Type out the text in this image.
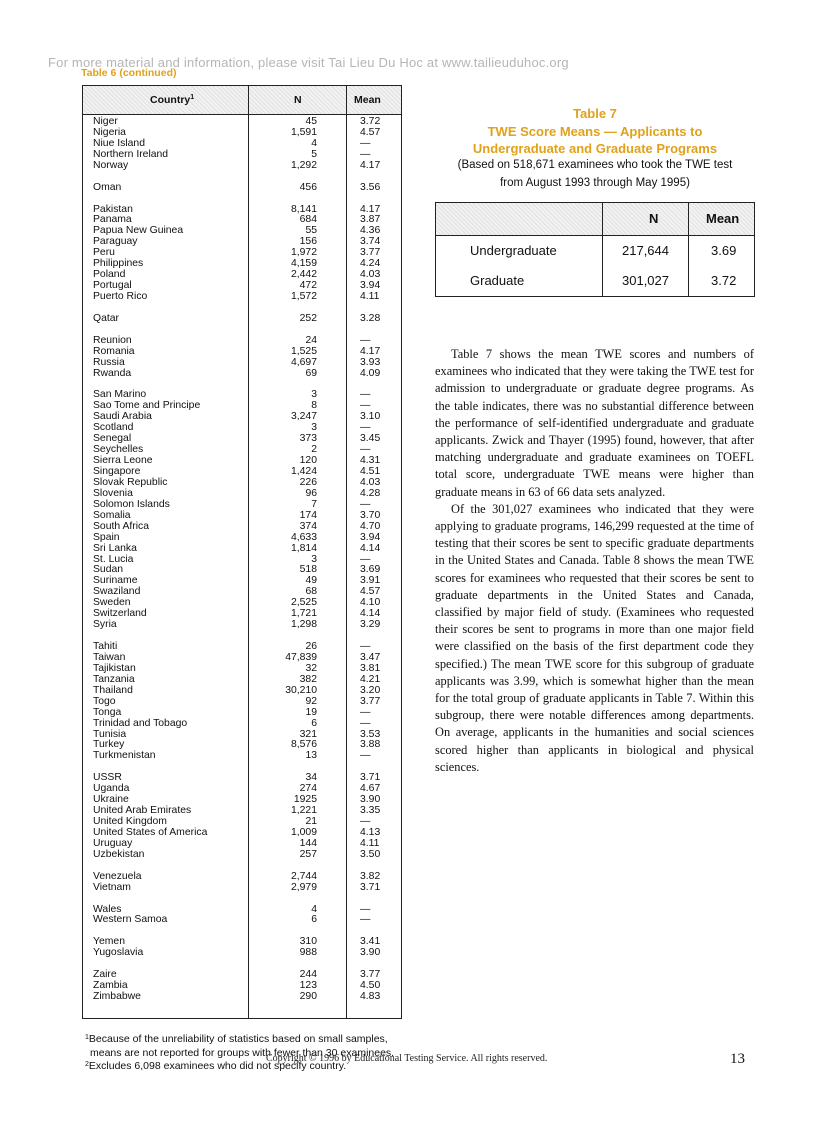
For more material and information, please visit Tai Lieu Du Hoc at www.tailieuduhoc.org
Table 6 (continued)
Country$^1$	N	Mean
Niger	45	3.72
Nigeria	1,591	4.57
Niue Island	4	—
Northern Ireland	5	—
Norway	1,292	4.17
Oman	456	3.56
Pakistan	8,141	4.17
Panama	684	3.87
Papua New Guinea	55	4.36
Paraguay	156	3.74
Peru	1,972	3.77
Philippines	4,159	4.24
Poland	2,442	4.03
Portugal	472	3.94
Puerto Rico	1,572	4.11
Qatar	252	3.28
Reunion	24	—
Romania	1,525	4.17
Russia	4,697	3.93
Rwanda	69	4.09
San Marino	3	—
Sao Tome and Principe	8	—
Saudi Arabia	3,247	3.10
Scotland	3	—
Senegal	373	3.45
Seychelles	2	—
Sierra Leone	120	4.31
Singapore	1,424	4.51
Slovak Republic	226	4.03
Slovenia	96	4.28
Solomon Islands	7	—
Somalia	174	3.70
South Africa	374	4.70
Spain	4,633	3.94
Sri Lanka	1,814	4.14
St. Lucia	3	—
Sudan	518	3.69
Suriname	49	3.91
Swaziland	68	4.57
Sweden	2,525	4.10
Switzerland	1,721	4.14
Syria	1,298	3.29
Tahiti	26	—
Taiwan	47,839	3.47
Tajikistan	32	3.81
Tanzania	382	4.21
Thailand	30,210	3.20
Togo	92	3.77
Tonga	19	—
Trinidad and Tobago	6	—
Tunisia	321	3.53
Turkey	8,576	3.88
Turkmenistan	13	—
USSR	34	3.71
Uganda	274	4.67
Ukraine	1925	3.90
United Arab Emirates	1,221	3.35
United Kingdom	21	—
United States of America	1,009	4.13
Uruguay	144	4.11
Uzbekistan	257	3.50
Venezuela	2,744	3.82
Vietnam	2,979	3.71
Wales	4	—
Western Samoa	6	—
Yemen	310	3.41
Yugoslavia	988	3.90
Zaire	244	3.77
Zambia	123	4.50
Zimbabwe	290	4.83
$^1$Because of the unreliability of statistics based on small samples,
means are not reported for groups with fewer than 30 examinees.
$^2$Excludes 6,098 examinees who did not specify country.
Table 7
TWE Score Means — Applicants to
Undergraduate and Graduate Programs
(Based on 518,671 examinees who took the TWE test
from August 1993 through May 1995)
N	Mean
Undergraduate	217,644	3.69
Graduate	301,027	3.72

Table 7 shows the mean TWE scores and numbers of examinees who indicated that they were taking the TWE test for admission to undergraduate or graduate degree programs. As the table indicates, there was no substantial difference between the performance of self-identified undergraduate and graduate applicants. Zwick and Thayer (1995) found, however, that after matching undergraduate and graduate examinees on TOEFL total score, undergraduate TWE means were higher than graduate means in 63 of 66 data sets analyzed.

Of the 301,027 examinees who indicated that they were applying to graduate programs, 146,299 requested at the time of testing that their scores be sent to specific graduate departments in the United States and Canada. Table 8 shows the mean TWE scores for examinees who requested that their scores be sent to graduate departments in the United States and Canada, classified by major field of study. (Examinees who requested their scores be sent to programs in more than one major field were classified on the basis of the first department code they specified.) The mean TWE score for this subgroup of graduate applicants was 3.99, which is somewhat higher than the mean for the total group of graduate applicants in Table 7. Within this subgroup, there were notable differences among departments. On average, applicants in the humanities and social sciences scored higher than applicants in biological and physical sciences.

Copyright © 1996 by Educational Testing Service. All rights reserved.	13
